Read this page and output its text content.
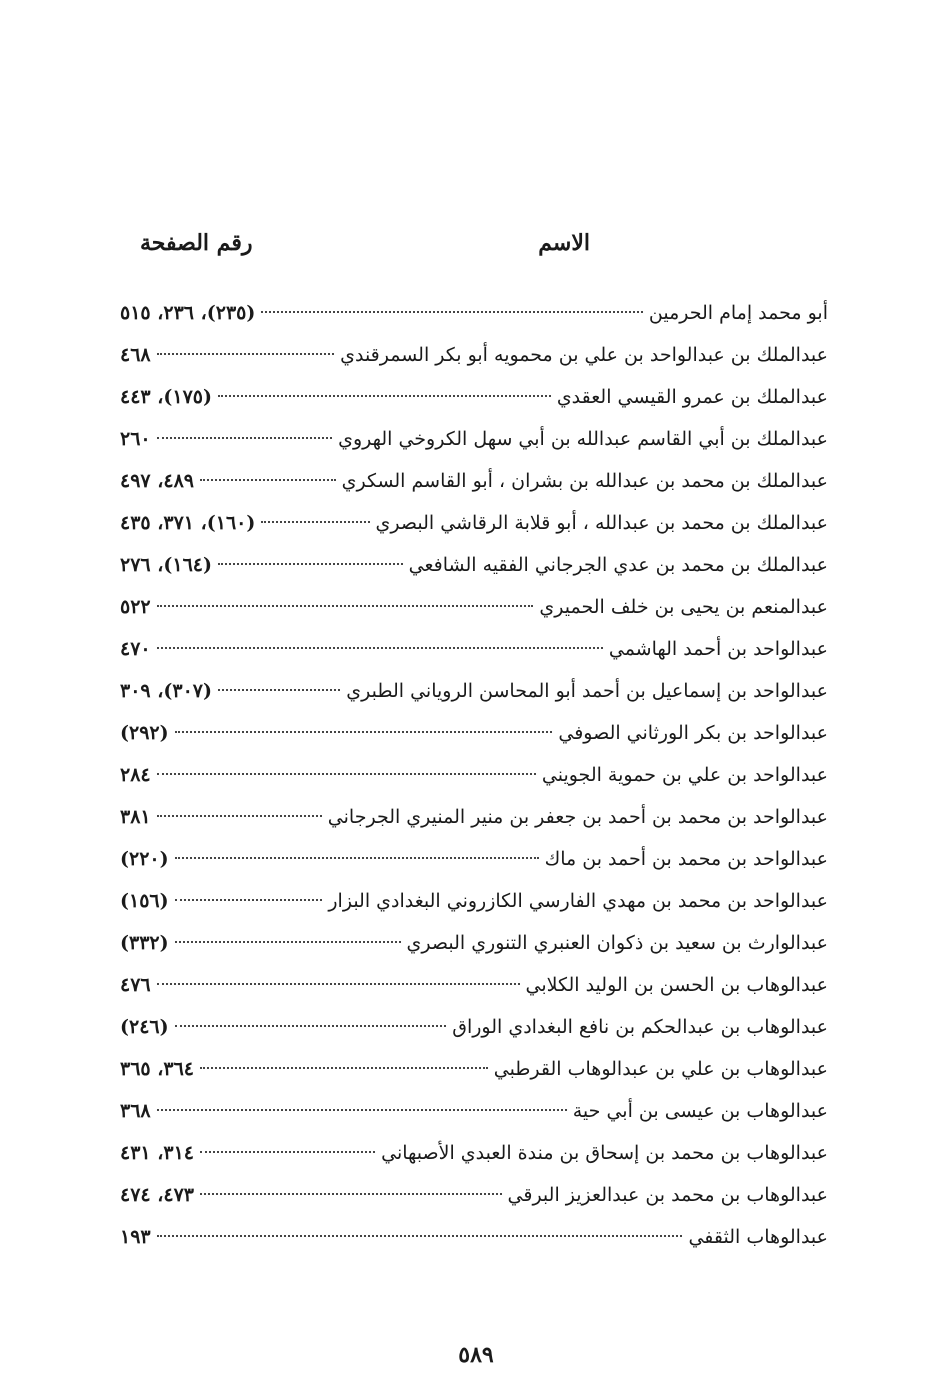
الاسم
رقم الصفحة
أبو محمد إمام الحرمين
(٢٣٥)، ٢٣٦، ٥١٥
عبدالملك بن عبدالواحد بن علي بن محمويه أبو بكر السمرقندي
٤٦٨
عبدالملك بن عمرو القيسي العقدي
(١٧٥)، ٤٤٣
عبدالملك بن أبي القاسم عبدالله بن أبي سهل الكروخي الهروي
٢٦٠
عبدالملك بن محمد بن عبدالله بن بشران ، أبو القاسم السكري
٤٨٩، ٤٩٧
عبدالملك بن محمد بن عبدالله ، أبو قلابة الرقاشي البصري
(١٦٠)، ٣٧١، ٤٣٥
عبدالملك بن محمد بن عدي الجرجاني الفقيه الشافعي
(١٦٤)، ٢٧٦
عبدالمنعم بن يحيى بن خلف الحميري
٥٢٢
عبدالواحد بن أحمد الهاشمي
٤٧٠
عبدالواحد بن إسماعيل بن أحمد أبو المحاسن الروياني الطبري
(٣٠٧)، ٣٠٩
عبدالواحد بن بكر الورثاني الصوفي
(٢٩٢)
عبدالواحد بن علي بن حموية الجويني
٢٨٤
عبدالواحد بن محمد بن أحمد بن جعفر بن منير المنيري الجرجاني
٣٨١
عبدالواحد بن محمد بن أحمد بن ماك
(٢٢٠)
عبدالواحد بن محمد بن مهدي الفارسي الكازروني البغدادي البزار
(١٥٦)
عبدالوارث بن سعيد بن ذكوان العنبري التنوري البصري
(٣٣٢)
عبدالوهاب بن الحسن بن الوليد الكلابي
٤٧٦
عبدالوهاب بن عبدالحكم بن نافع البغدادي الوراق
(٢٤٦)
عبدالوهاب بن علي بن عبدالوهاب القرطبي
٣٦٤، ٣٦٥
عبدالوهاب بن عيسى بن أبي حية
٣٦٨
عبدالوهاب بن محمد بن إسحاق بن مندة العبدي الأصبهاني
٣١٤، ٤٣١
عبدالوهاب بن محمد بن عبدالعزيز البرقي
٤٧٣، ٤٧٤
عبدالوهاب الثقفي
١٩٣
٥٨٩
